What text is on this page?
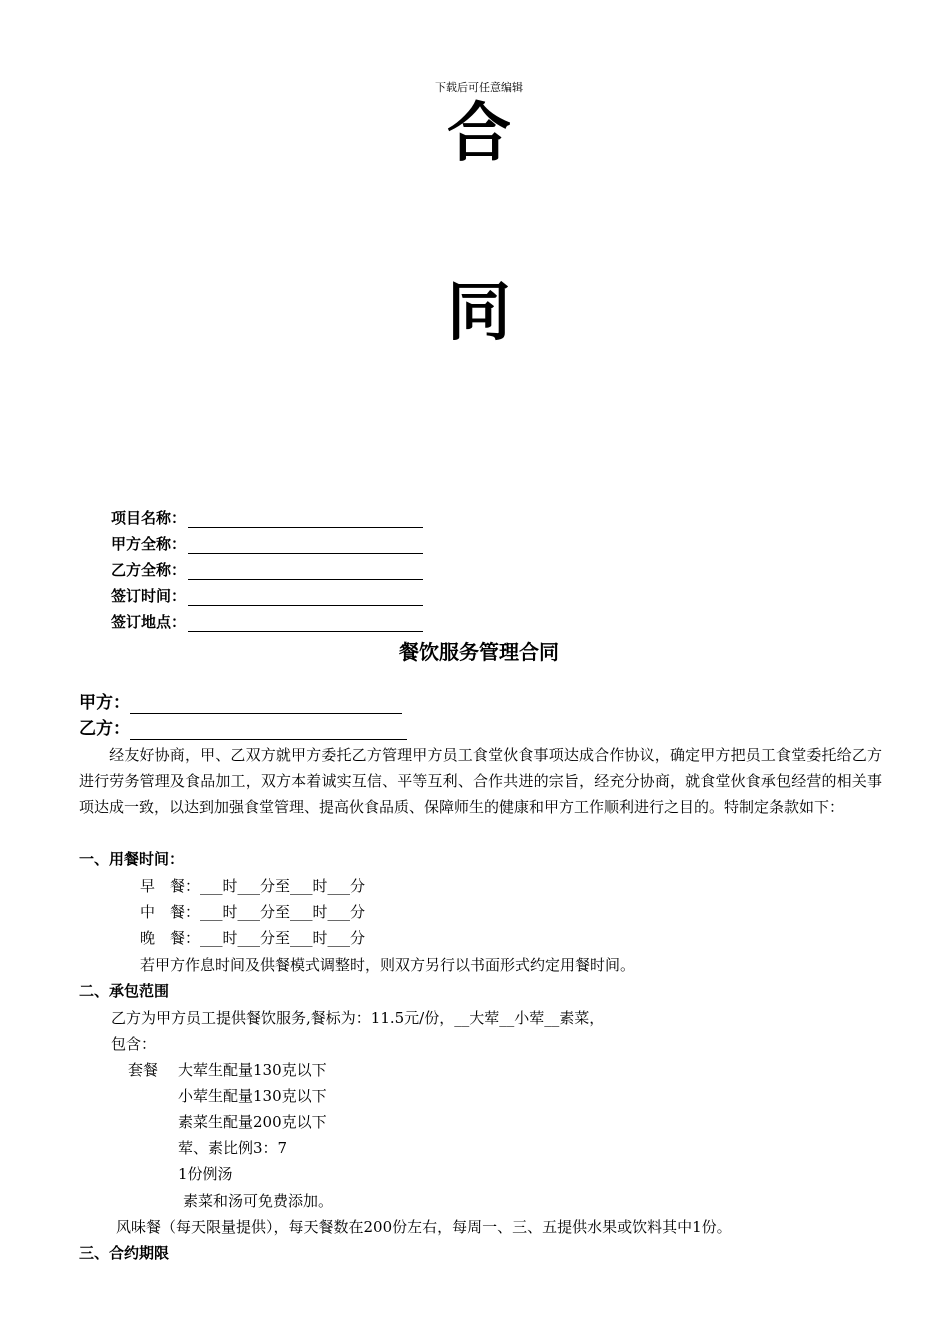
下载后可任意编辑
合
同
项目名称：
甲方全称：
乙方全称：
签订时间：
签订地点：
餐饮服务管理合同
甲方：
乙方：
经友好协商，甲、乙双方就甲方委托乙方管理甲方员工食堂伙食事项达成合作协议，确定甲方把员工食堂委托给乙方进行劳务管理及食品加工，双方本着诚实互信、平等互利、合作共进的宗旨，经充分协商，就食堂伙食承包经营的相关事项达成一致，以达到加强食堂管理、提高伙食品质、保障师生的健康和甲方工作顺利进行之目的。特制定条款如下：
一、用餐时间：
早　餐：___时___分至___时___分
中　餐：___时___分至___时___分
晚　餐：___时___分至___时___分
若甲方作息时间及供餐模式调整时，则双方另行以书面形式约定用餐时间。
二、承包范围
乙方为甲方员工提供餐饮服务,餐标为：11.5元/份，__大荤__小荤__素菜，
包含：
套餐 大荤生配量130克以下
小荤生配量130克以下
素菜生配量200克以下
荤、素比例3：7
1份例汤
素菜和汤可免费添加。
风味餐（每天限量提供），每天餐数在200份左右，每周一、三、五提供水果或饮料其中1份。
三、合约期限
